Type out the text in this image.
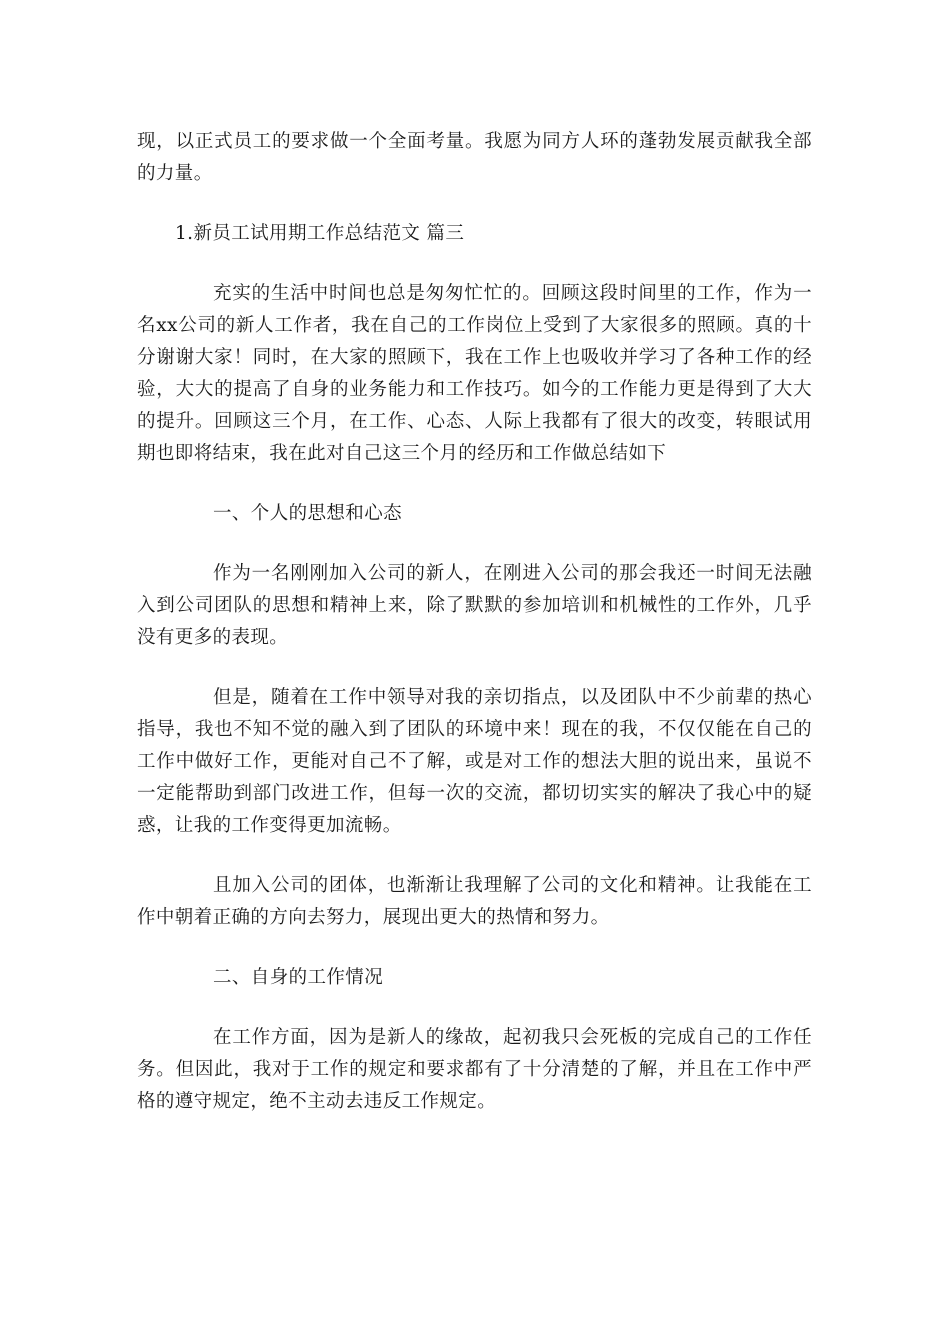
现，以正式员工的要求做一个全面考量。我愿为同方人环的蓬勃发展贡献我全部的力量。

1.新员工试用期工作总结范文 篇三

充实的生活中时间也总是匆匆忙忙的。回顾这段时间里的工作，作为一名xx公司的新人工作者，我在自己的工作岗位上受到了大家很多的照顾。真的十分谢谢大家！同时，在大家的照顾下，我在工作上也吸收并学习了各种工作的经验，大大的提高了自身的业务能力和工作技巧。如今的工作能力更是得到了大大的提升。回顾这三个月，在工作、心态、人际上我都有了很大的改变，转眼试用期也即将结束，我在此对自己这三个月的经历和工作做总结如下

一、个人的思想和心态

作为一名刚刚加入公司的新人，在刚进入公司的那会我还一时间无法融入到公司团队的思想和精神上来，除了默默的参加培训和机械性的工作外，几乎没有更多的表现。

但是，随着在工作中领导对我的亲切指点，以及团队中不少前辈的热心指导，我也不知不觉的融入到了团队的环境中来！现在的我，不仅仅能在自己的工作中做好工作，更能对自己不了解，或是对工作的想法大胆的说出来，虽说不一定能帮助到部门改进工作，但每一次的交流，都切切实实的解决了我心中的疑惑，让我的工作变得更加流畅。

且加入公司的团体，也渐渐让我理解了公司的文化和精神。让我能在工作中朝着正确的方向去努力，展现出更大的热情和努力。

二、自身的工作情况

在工作方面，因为是新人的缘故，起初我只会死板的完成自己的工作任务。但因此，我对于工作的规定和要求都有了十分清楚的了解，并且在工作中严格的遵守规定，绝不主动去违反工作规定。
